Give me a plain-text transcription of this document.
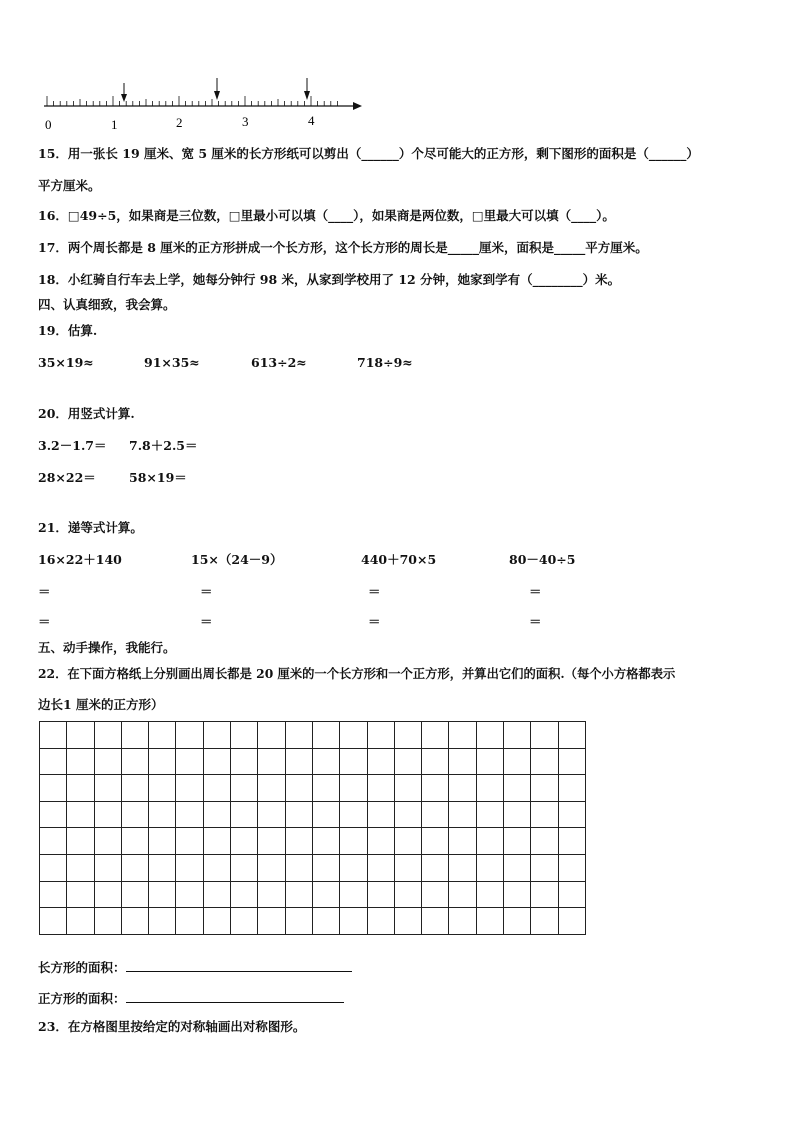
0	1	2	3	4
15．用一张长 19 厘米、宽 5 厘米的长方形纸可以剪出（______）个尽可能大的正方形，剩下图形的面积是（______）
平方厘米。
16．□49÷5，如果商是三位数，□里最小可以填（____），如果商是两位数，□里最大可以填（____）。
17．两个周长都是 8 厘米的正方形拼成一个长方形，这个长方形的周长是_____厘米，面积是_____平方厘米。
18．小红骑自行车去上学，她每分钟行 98 米，从家到学校用了 12 分钟，她家到学有（________）米。
四、认真细致，我会算。
19．估算.
35×19≈	91×35≈	613÷2≈	718÷9≈
20．用竖式计算.
3.2－1.7＝ 7.8＋2.5＝
28×22＝	58×19＝
21．递等式计算。
16×22＋140	15×（24－9）	440＋70×5	80－40÷5
＝	＝	＝	＝
＝	＝	＝	＝
五、动手操作，我能行。
22．在下面方格纸上分别画出周长都是 20 厘米的一个长方形和一个正方形，并算出它们的面积.（每个小方格都表示
边长1 厘米的正方形）

长方形的面积：
正方形的面积：
23．在方格图里按给定的对称轴画出对称图形。
